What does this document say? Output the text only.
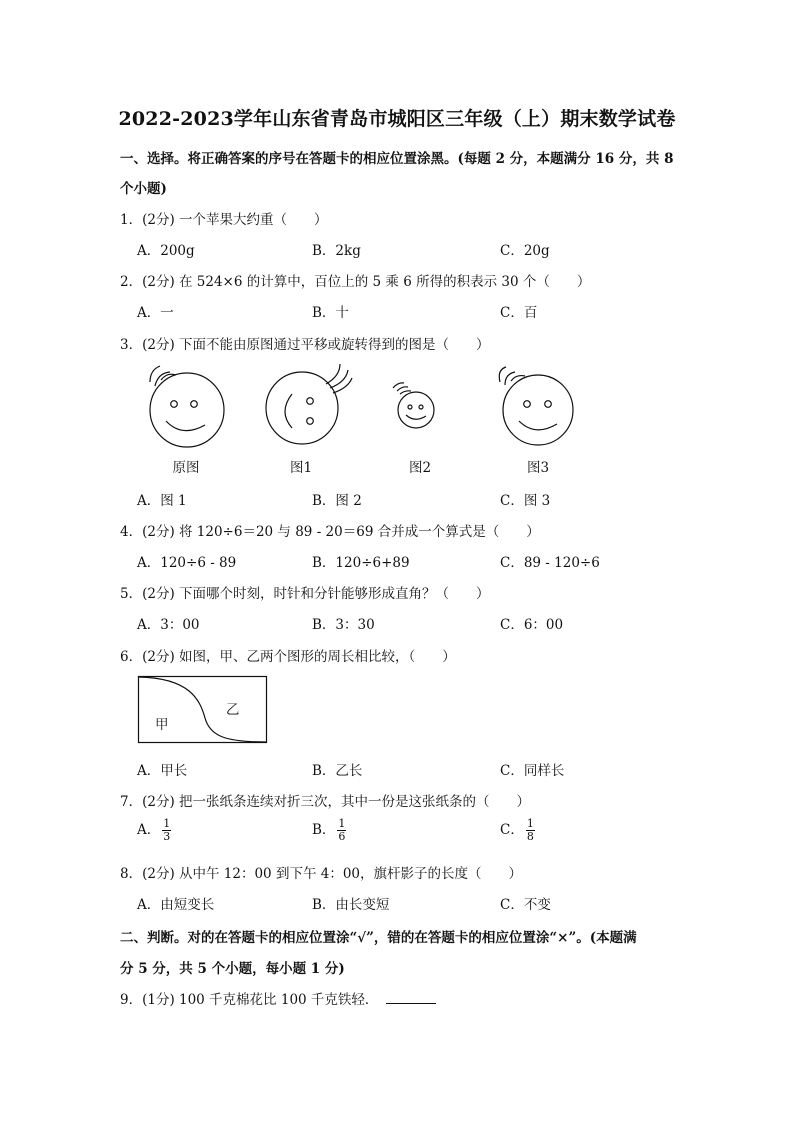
2022-2023学年山东省青岛市城阳区三年级（上）期末数学试卷
一、选择。将正确答案的序号在答题卡的相应位置涂黑。(每题 2 分，本题满分 16 分，共 8
个小题)
1．(2分) 一个苹果大约重（　　）
A．200g	B．2kg	C．20g
2．(2分) 在 524×6 的计算中，百位上的 5 乘 6 所得的积表示 30 个（　　）
A．一	B．十	C．百
3．(2分) 下面不能由原图通过平移或旋转得到的图是（　　）
原图	图1	图2	图3
A．图 1	B．图 2	C．图 3
4．(2分) 将 120÷6＝20 与 89 - 20＝69 合并成一个算式是（　　）
A．120÷6 - 89	B．120÷6+89	C．89 - 120÷6
5．(2分) 下面哪个时刻，时针和分针能够形成直角？（　　）
A．3：00	B．3：30	C．6：00
6．(2分) 如图，甲、乙两个图形的周长相比较，（　　）
甲
乙
A．甲长	B．乙长	C．同样长
7．(2分) 把一张纸条连续对折三次，其中一份是这张纸条的（　　）
A． $\frac{1}{3}$	B． $\frac{1}{6}$	C． $\frac{1}{8}$
8．(2分) 从中午 12：00 到下午 4：00，旗杆影子的长度（　　）
A．由短变长	B．由长变短	C．不变
二、判断。对的在答题卡的相应位置涂“√”，错的在答题卡的相应位置涂“×”。(本题满
分 5 分，共 5 个小题，每小题 1 分)
9．(1分) 100 千克棉花比 100 千克铁轻．
